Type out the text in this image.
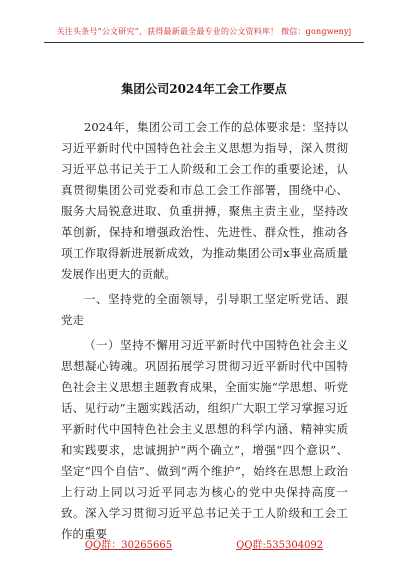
关注头条号“公文研究”，获得最新最全最专业的公文资料库！ 微信：gongwenyj
集团公司2024年工会工作要点

2024年，集团公司工会工作的总体要求是：坚持以习近平新时代中国特色社会主义思想为指导，深入贯彻习近平总书记关于工人阶级和工会工作的重要论述，认真贯彻集团公司党委和市总工会工作部署，围绕中心、服务大局锐意进取、负重拼搏，聚焦主责主业，坚持改革创新，保持和增强政治性、先进性、群众性，推动各项工作取得新进展新成效，为推动集团公司x事业高质量发展作出更大的贡献。

一、坚持党的全面领导，引导职工坚定听党话、跟党走

（一）坚持不懈用习近平新时代中国特色社会主义思想凝心铸魂。巩固拓展学习贯彻习近平新时代中国特色社会主义思想主题教育成果，全面实施“学思想、听党话、见行动”主题实践活动，组织广大职工学习掌握习近平新时代中国特色社会主义思想的科学内涵、精神实质和实践要求，忠诚拥护“两个确立”，增强“四个意识”、坚定“四个自信”、做到“两个维护”，始终在思想上政治上行动上同以习近平同志为核心的党中央保持高度一致。深入学习贯彻习近平总书记关于工人阶级和工会工作的重要

QQ群：30265665	QQ群:535304092
